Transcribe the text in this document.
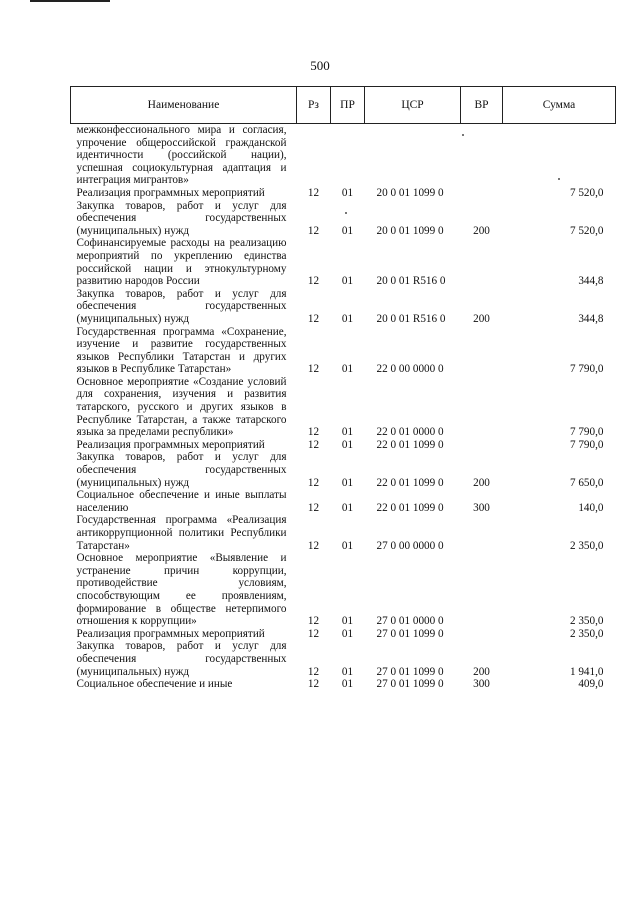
500
Наименование	Рз	ПР	ЦСР	ВР	Сумма
межконфессионального мира и согласия, упрочение общероссийской гражданской идентичности (российской нации), успешная социокультурная адаптация и интеграция мигрантов»					
Реализация программных мероприятий	12	01	20 0 01 1099 0		7 520,0
Закупка товаров, работ и услуг для обеспечения государственных (муниципальных) нужд	12	01	20 0 01 1099 0	200	7 520,0
Софинансируемые расходы на реализацию мероприятий по укреплению единства российской нации и этнокультурному развитию народов России	12	01	20 0 01 R516 0		344,8
Закупка товаров, работ и услуг для обеспечения государственных (муниципальных) нужд	12	01	20 0 01 R516 0	200	344,8
Государственная программа «Сохранение, изучение и развитие государственных языков Республики Татарстан и других языков в Республике Татарстан»	12	01	22 0 00 0000 0		7 790,0
Основное мероприятие «Создание условий для сохранения, изучения и развития татарского, русского и других языков в Республике Татарстан, а также татарского языка за пределами республики»	12	01	22 0 01 0000 0		7 790,0
Реализация программных мероприятий	12	01	22 0 01 1099 0		7 790,0
Закупка товаров, работ и услуг для обеспечения государственных (муниципальных) нужд	12	01	22 0 01 1099 0	200	7 650,0
Социальное обеспечение и иные выплаты населению	12	01	22 0 01 1099 0	300	140,0
Государственная программа «Реализация антикоррупционной политики Республики Татарстан»	12	01	27 0 00 0000 0		2 350,0
Основное мероприятие «Выявление и устранение причин коррупции, противодействие условиям, способствующим ее проявлениям, формирование в обществе нетерпимого отношения к коррупции»	12	01	27 0 01 0000 0		2 350,0
Реализация программных мероприятий	12	01	27 0 01 1099 0		2 350,0
Закупка товаров, работ и услуг для обеспечения государственных (муниципальных) нужд	12	01	27 0 01 1099 0	200	1 941,0
Социальное обеспечение и иные	12	01	27 0 01 1099 0	300	409,0
